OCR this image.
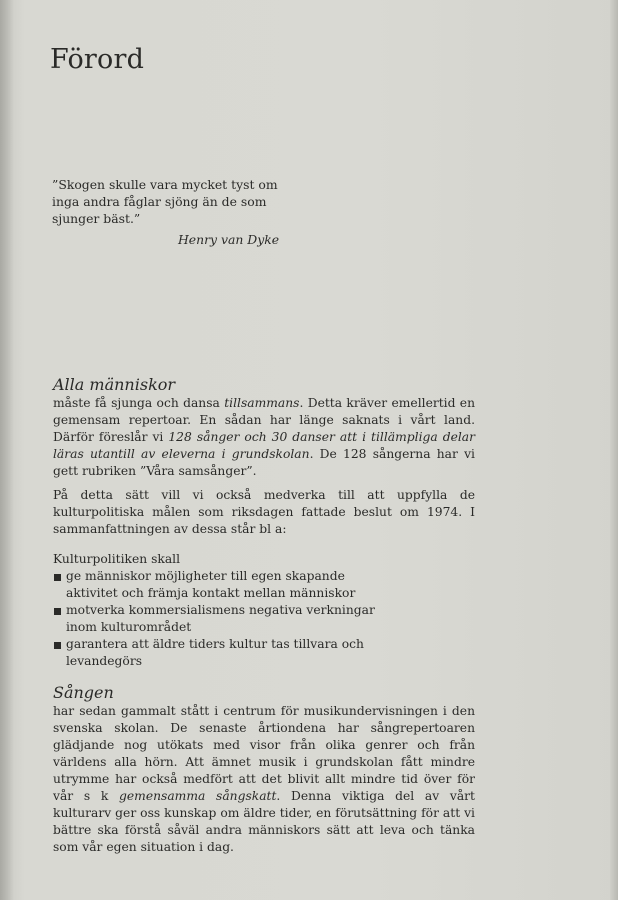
Förord

”Skogen skulle vara mycket tyst om

inga andra fåglar sjöng än de som

sjunger bäst.”

Henry van Dyke
Alla människor

måste få sjunga och dansa tillsammans. Detta kräver emellertid en gemensam repertoar. En sådan har länge saknats i vårt land. Därför föreslår vi 128 sånger och 30 danser att i tillämpliga delar läras utantill av eleverna i grundskolan. De 128 sångerna har vi gett rubriken ”Våra samsånger”.

På detta sätt vill vi också medverka till att uppfylla de kulturpolitiska målen som riksdagen fattade beslut om 1974. I sammanfattningen av dessa står bl a:

Kulturpolitiken skall
ge människor möjligheter till egen skapande aktivitet och främja kontakt mellan människor
motverka kommersialismens negativa verkningar inom kulturområdet
garantera att äldre tiders kultur tas tillvara och levandegörs
Sången

har sedan gammalt stått i centrum för musikundervisningen i den svenska skolan. De senaste årtiondena har sångrepertoaren glädjande nog utökats med visor från olika genrer och från världens alla hörn. Att ämnet musik i grundskolan fått mindre utrymme har också medfört att det blivit allt mindre tid över för vår s k gemensamma sångskatt. Denna viktiga del av vårt kulturarv ger oss kunskap om äldre tider, en förutsättning för att vi bättre ska förstå såväl andra människors sätt att leva och tänka som vår egen situation i dag.
